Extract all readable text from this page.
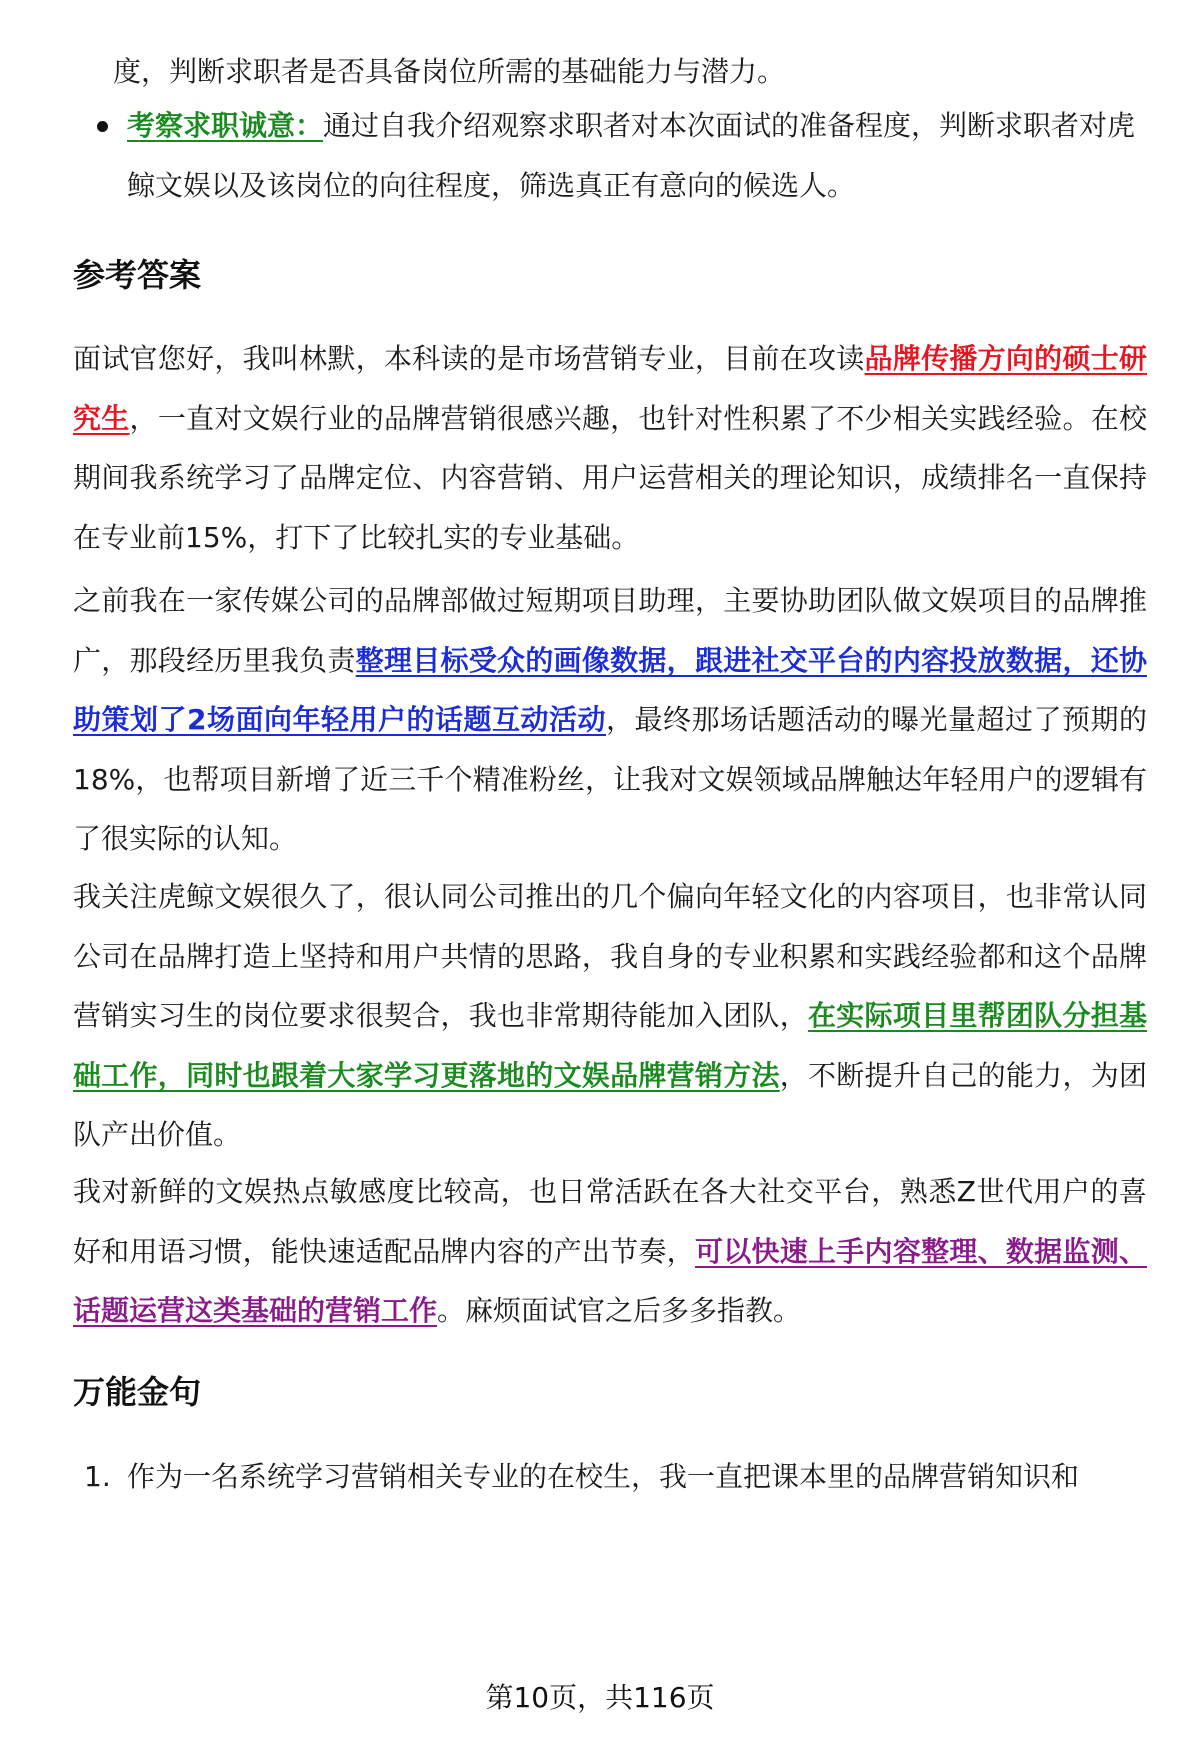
度，判断求职者是否具备岗位所需的基础能力与潜力。

考察求职诚意：通过自我介绍观察求职者对本次面试的准备程度，判断求职者对虎鲸文娱以及该岗位的向往程度，筛选真正有意向的候选人。

参考答案

面试官您好，我叫林默，本科读的是市场营销专业，目前在攻读品牌传播方向的硕士研究生，一直对文娱行业的品牌营销很感兴趣，也针对性积累了不少相关实践经验。在校期间我系统学习了品牌定位、内容营销、用户运营相关的理论知识，成绩排名一直保持在专业前15%，打下了比较扎实的专业基础。

之前我在一家传媒公司的品牌部做过短期项目助理，主要协助团队做文娱项目的品牌推广，那段经历里我负责整理目标受众的画像数据，跟进社交平台的内容投放数据，还协助策划了2场面向年轻用户的话题互动活动，最终那场话题活动的曝光量超过了预期的18%，也帮项目新增了近三千个精准粉丝，让我对文娱领域品牌触达年轻用户的逻辑有了很实际的认知。

我关注虎鲸文娱很久了，很认同公司推出的几个偏向年轻文化的内容项目，也非常认同公司在品牌打造上坚持和用户共情的思路，我自身的专业积累和实践经验都和这个品牌营销实习生的岗位要求很契合，我也非常期待能加入团队，在实际项目里帮团队分担基础工作，同时也跟着大家学习更落地的文娱品牌营销方法，不断提升自己的能力，为团队产出价值。

我对新鲜的文娱热点敏感度比较高，也日常活跃在各大社交平台，熟悉Z世代用户的喜好和用语习惯，能快速适配品牌内容的产出节奏，可以快速上手内容整理、数据监测、话题运营这类基础的营销工作。麻烦面试官之后多多指教。

万能金句
1. 作为一名系统学习营销相关专业的在校生，我一直把课本里的品牌营销知识和

第10页，共116页
